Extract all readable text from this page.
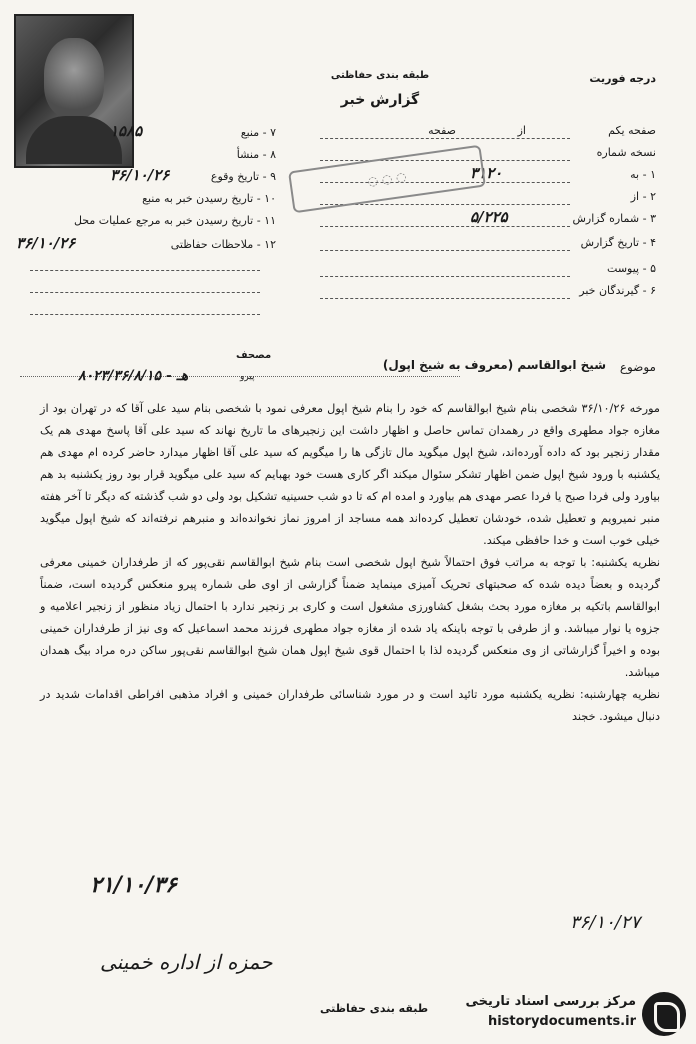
طبقه بندی حفاظتی
گزارش خبر
درجه فوریت
صفحه یکم
نسخه شماره
۱ - به
۳۱۲۰
۲ - از
۳ - شماره گزارش
۵/۲۲۵
۴ - تاریخ گزارش
۵ - پیوست
۶ - گیرندگان خبر
از
صفحه
۷ - منبع
۱۵۸۵
۸ - منشأ
۹ - تاریخ وقوع
۳۶/۱۰/۲۶
۱۰ - تاریخ رسیدن خبر به منبع
۱۱ - تاریخ رسیدن خبر به مرجع عملیات محل
۱۲ - ملاحظات حفاظتی
۳۶/۱۰/۲۶
◌ ◌ ◌
موضوع
شیخ ابوالقاسم (معروف به شیخ اپول)
مصحف
پیرو
۸۰۲۳/هـ - ۳۶/۸/۱۵

مورخه ۳۶/۱۰/۲۶ شخصی بنام شیخ ابوالقاسم که خود را بنام شیخ اپول معرفی نمود با شخصی بنام سید علی آقا که در تهران بود از مغازه جواد مطهری واقع در رهمدان تماس حاصل و اظهار داشت این زنجیرهای ما تاریخ نهاند که سید علی آقا پاسخ مهدی هم یک مقدار زنجیر بود که داده آورده‌اند، شیخ اپول میگوید مال تازگی ها را میگویم که سید علی آقا اظهار میدارد حاضر کرده ام مهدی هم یکشنبه با ورود شیخ اپول ضمن اظهار تشکر سئوال میکند اگر کاری هست خود بهبایم که سید علی میگوید قرار بود روز یکشنبه بد هم بیاورد ولی فردا صبح یا فردا عصر مهدی هم بیاورد و امده ام که تا دو شب حسینیه تشکیل بود ولی دو شب گذشته که دیگر تا آخر هفته منبر نمیرویم و تعطیل شده، خودشان تعطیل کرده‌اند همه مساجد از امروز نماز نخوانده‌اند و منبرهم نرفته‌اند که شیخ اپول میگوید خیلی خوب است و خدا حافظی میکند.

نظریه یکشنبه: با توجه به مراتب فوق احتمالاً شیخ اپول شخصی است بنام شیخ ابوالقاسم نقی‌پور که از طرفداران خمینی معرفی گردیده و بعضاً دیده شده که صحبتهای تحریک آمیزی مینماید ضمناً گزارشی از اوی طی شماره پیرو منعکس گردیده است، ضمناً ابوالقاسم باتکیه بر مغازه مورد بحث بشغل کشاورزی مشغول است و کاری بر زنجیر ندارد با احتمال زیاد منظور از زنجیر اعلامیه و جزوه یا نوار میباشد. و از طرفی با توجه باینکه یاد شده از مغازه جواد مطهری فرزند محمد اسماعیل که وی نیز از طرفداران خمینی بوده و اخیراً گزارشاتی از وی منعکس گردیده لذا با احتمال قوی شیخ اپول همان شیخ ابوالقاسم نقی‌پور ساکن دره مراد بیگ همدان میباشد.

نظریه چهارشنبه: نظریه یکشنبه مورد تائید است و در مورد شناسائی طرفداران خمینی و افراد مذهبی افراطی اقدامات شدید در دنبال میشود. خجند

۲۱/۱۰/۳۶
حمزه از اداره خمینی
۳۶/۱۰/۲۷
طبقه بندی حفاظتی	مرکز بررسی اسناد تاریخی
historydocuments.ir
